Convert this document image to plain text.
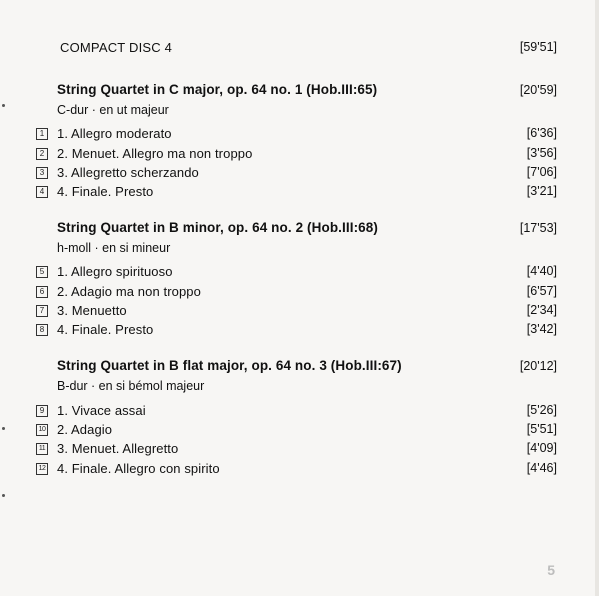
COMPACT DISC 4	[59'51]
String Quartet in C major, op. 64 no. 1 (Hob.III:65)	[20'59]
C-dur · en ut majeur
1 1. Allegro moderato	[6'36]
2 2. Menuet. Allegro ma non troppo	[3'56]
3 3. Allegretto scherzando	[7'06]
4 4. Finale. Presto	[3'21]
String Quartet in B minor, op. 64 no. 2 (Hob.III:68)	[17'53]
h-moll · en si mineur
5 1. Allegro spirituoso	[4'40]
6 2. Adagio ma non troppo	[6'57]
7 3. Menuetto	[2'34]
8 4. Finale. Presto	[3'42]
String Quartet in B flat major, op. 64 no. 3 (Hob.III:67)	[20'12]
B-dur · en si bémol majeur
9 1. Vivace assai	[5'26]
10 2. Adagio	[5'51]
11 3. Menuet. Allegretto	[4'09]
12 4. Finale. Allegro con spirito	[4'46]
5
